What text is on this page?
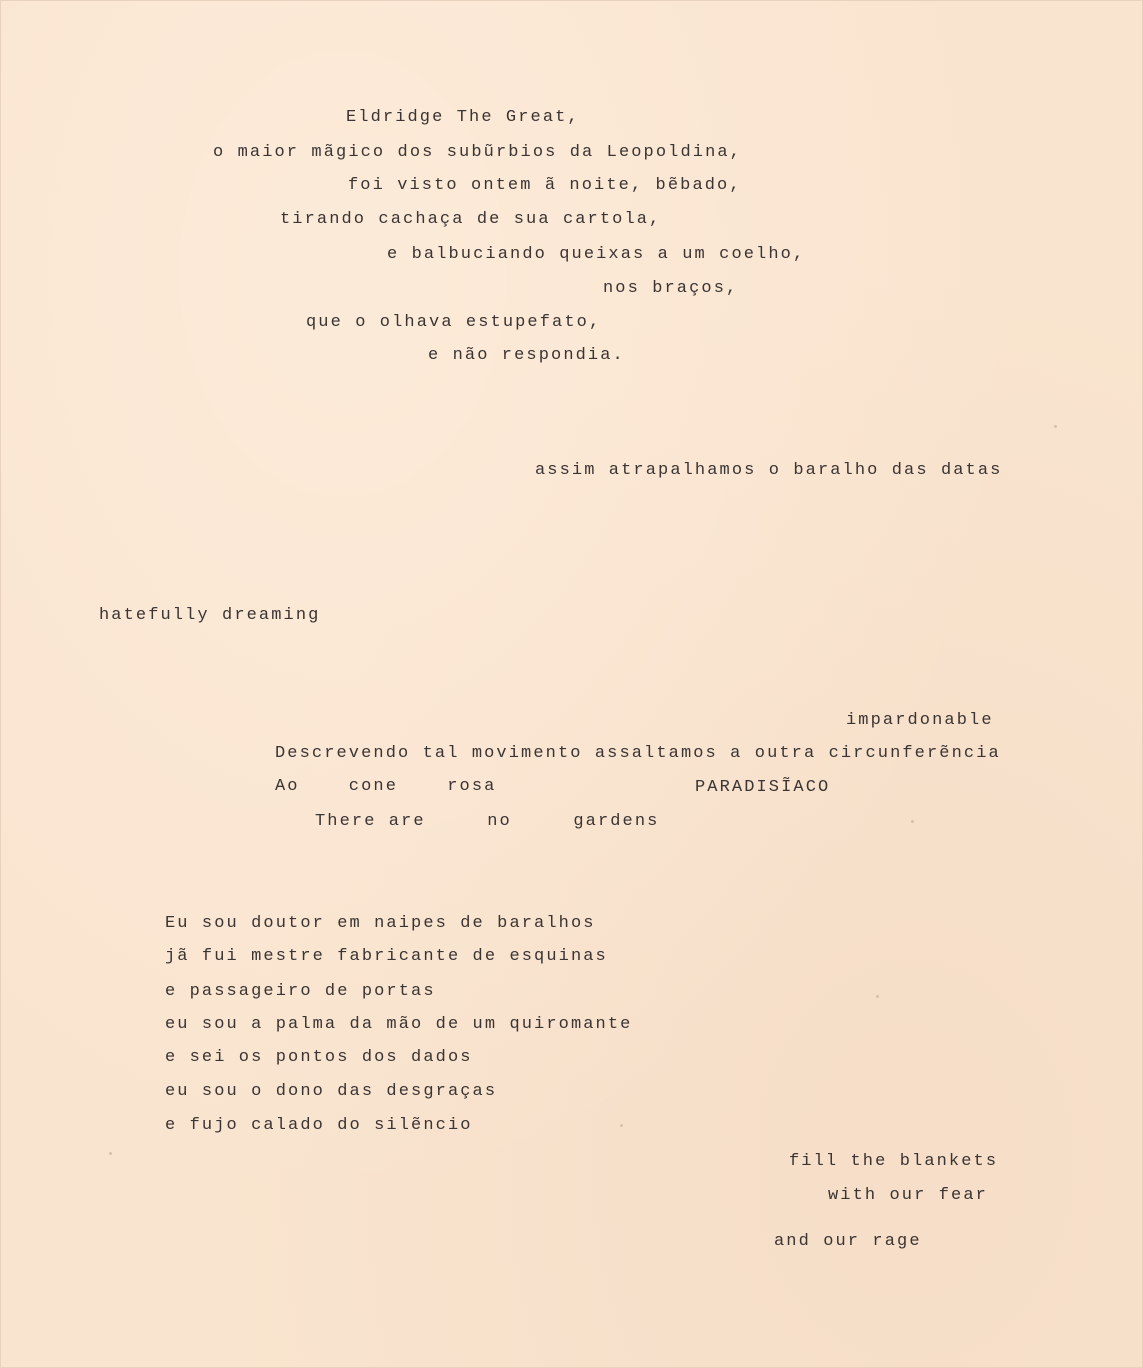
Eldridge The Great,
o maior mãgico dos subũrbios da Leopoldina,
foi visto ontem ã noite, bẽbado,
tirando cachaça de sua cartola,
e balbuciando queixas a um coelho,
nos braços,
que o olhava estupefato,
e não respondia.
assim atrapalhamos o baralho das datas
hatefully dreaming
impardonable
Descrevendo tal movimento assaltamos a outra circunferẽncia
Ao    cone    rosa	PARADISĨACO
There are     no     gardens
Eu sou doutor em naipes de baralhos
jã fui mestre fabricante de esquinas
e passageiro de portas
eu sou a palma da mão de um quiromante
e sei os pontos dos dados
eu sou o dono das desgraças
e fujo calado do silẽncio
fill the blankets
with our fear
and our rage
